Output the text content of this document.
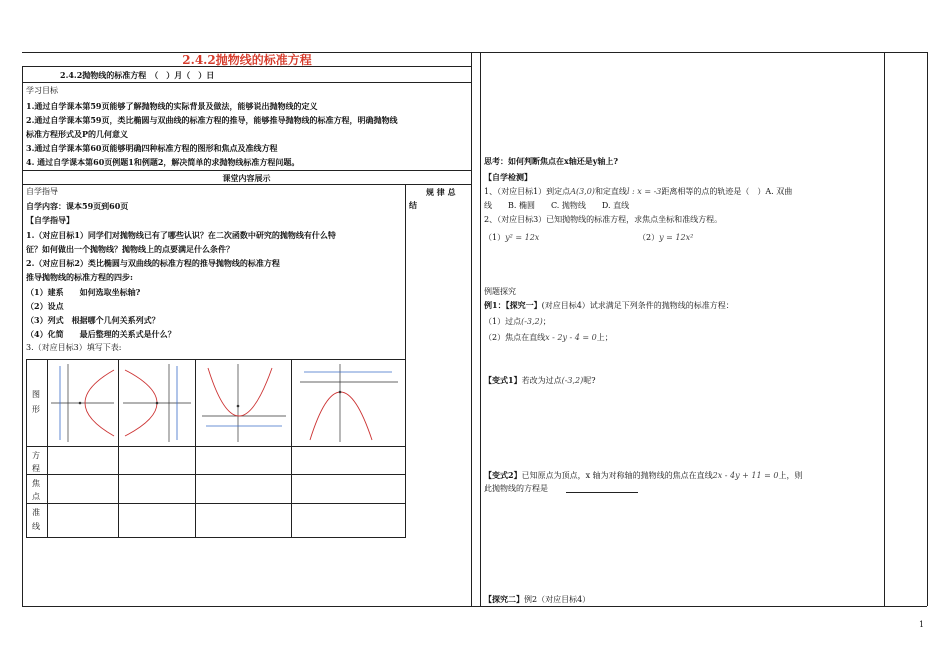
2.4.2抛物线的标准方程
2.4.2抛物线的标准方程　（　）月（　）日
学习目标
1.通过自学课本第59页能够了解抛物线的实际背景及做法，能够说出抛物线的定义
2.通过自学课本第59页，类比椭圆与双曲线的标准方程的推导，能够推导抛物线的标准方程，明确抛物线
标准方程形式及P的几何意义
3.通过自学课本第60页能够明确四种标准方程的图形和焦点及准线方程
4. 通过自学课本第60页例题1和例题2，解决简单的求抛物线标准方程问题。
课堂内容展示
规 律 总
结
自学指导
自学内容：课本59页到60页
【自学指导】
1.（对应目标1）同学们对抛物线已有了哪些认识？在二次函数中研究的抛物线有什么特
征？如何做出一个抛物线？抛物线上的点要满足什么条件？
2.（对应目标2）类比椭圆与双曲线的标准方程的推导抛物线的标准方程
推导抛物线的标准方程的四步:
（1）建系　　如何选取坐标轴?
（2）设点
（3）列式　根据哪个几何关系列式？
（4）化简　　最后整理的关系式是什么？
3.（对应目标3）填写下表:
图
形
方
程
焦
点
准
线
思考：如何判断焦点在x轴还是y轴上?
【自学检测】
1、（对应目标1）到定点A(3,0)和定直线l : x = -3距离相等的点的轨迹是（　）A. 双曲
线　　B. 椭圆　　C. 抛物线　　D. 直线
2、（对应目标3）已知抛物线的标准方程，求焦点坐标和准线方程。
（1）y² = 12x	（2）y = 12x²
例题探究
例1：【探究一】(对应目标4）试求满足下列条件的抛物线的标准方程：
（1）过点(-3,2)；
（2）焦点在直线x - 2y - 4 = 0上；
【变式1】若改为过点(-3,2)呢?
【变式2】已知原点为顶点，x 轴为对称轴的抛物线的焦点在直线2x - 4y + 11 = 0上，则
此抛物线的方程是
【探究二】例2（对应目标4）
1
